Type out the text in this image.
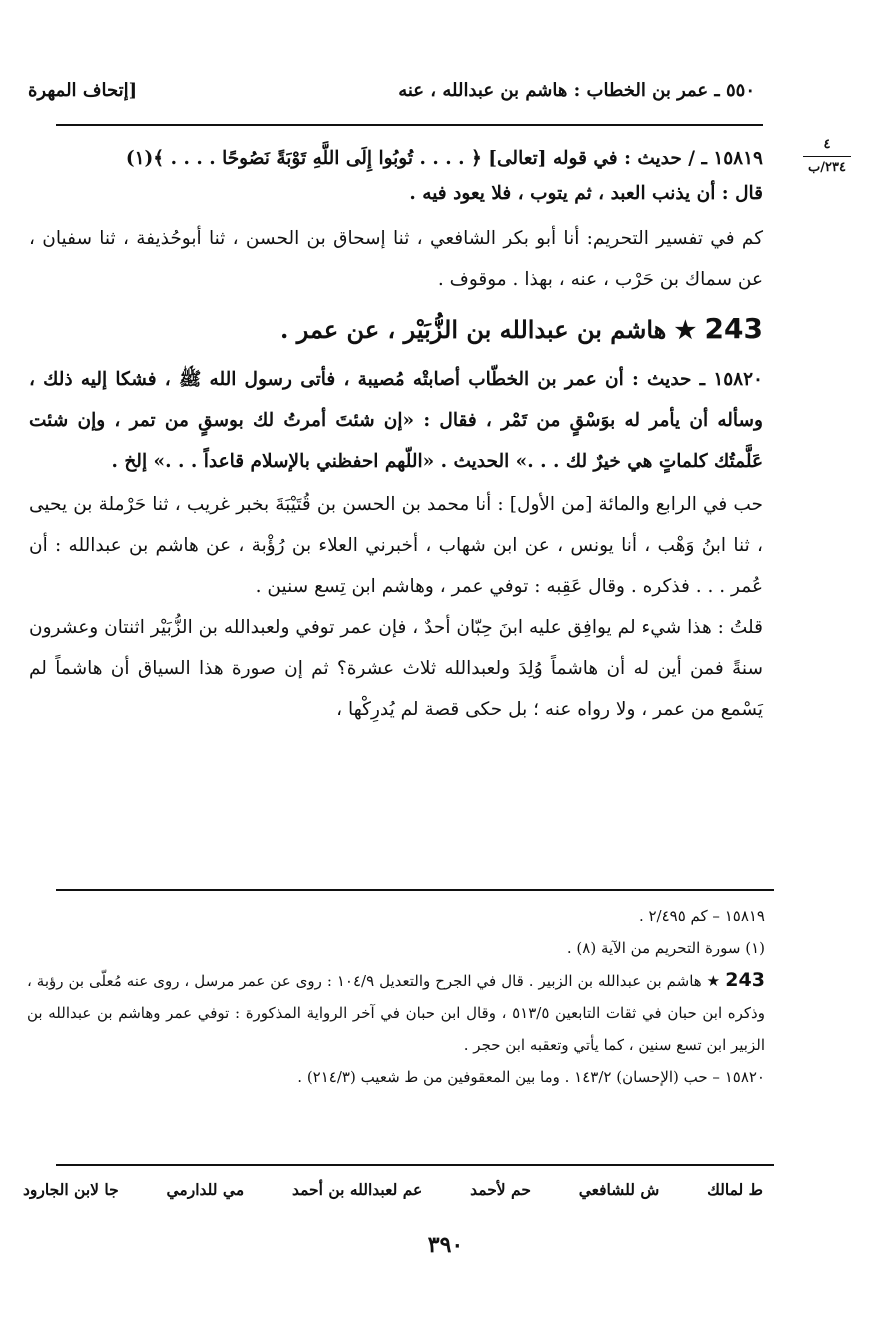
٥٥٠ ـ عمر بن الخطاب : هاشم بن عبدالله ، عنه
[إتحاف المهرة
٤
٢٣٤/ب

١٥٨١٩ ـ / حديث : في قوله [تعالى] ﴿ . . . . تُوبُوا إِلَى اللَّهِ تَوْبَةً نَصُوحًا . . . . ﴾(١)

قال : أن يذنب العبد ، ثم يتوب ، فلا يعود فيه .

كم في تفسير التحريم: أنا أبو بكر الشافعي ، ثنا إسحاق بن الحسن ، ثنا أبوحُذيفة ، ثنا سفيان ، عن سماك بن حَرْب ، عنه ، بهذا . موقوف .

243 ★ هاشم بن عبدالله بن الزُّبَيْر ، عن عمر .

١٥٨٢٠ ـ حديث : أن عمر بن الخطّاب أصابتْه مُصيبة ، فأتى رسول الله ﷺ ، فشكا إليه ذلك ، وسأله أن يأمر له بوَسْقٍ من تَمْر ، فقال : «إن شئتَ أمرتُ لك بوسقٍ من تمر ، وإن شئت عَلَّمتُك كلماتٍ هي خيرٌ لك . . .» الحديث . «اللّهم احفظني بالإسلام قاعداً . . .» إلخ .

حب في الرابع والمائة [من الأول] : أنا محمد بن الحسن بن قُتَيْبَةَ بخبر غريب ، ثنا حَرْملة بن يحيى ، ثنا ابنُ وَهْب ، أنا يونس ، عن ابن شهاب ، أخبرني العلاء بن رُؤْبة ، عن هاشم بن عبدالله : أن عُمر . . . فذكره . وقال عَقِبه : توفي عمر ، وهاشم ابن تِسع سنين .

قلتُ : هذا شيء لم يوافِق عليه ابنَ حِبّان أحدٌ ، فإن عمر توفي ولعبدالله بن الزُّبَيْر اثنتان وعشرون سنةً فمن أين له أن هاشماً وُلِدَ ولعبدالله ثلاث عشرة؟ ثم إن صورة هذا السياق أن هاشماً لم يَسْمع من عمر ، ولا رواه عنه ؛ بل حكى قصة لم يُدرِكْها ،

١٥٨١٩ – كم ٢/٤٩٥ .

(١) سورة التحريم من الآية (٨) .

243 ★ هاشم بن عبدالله بن الزبير . قال في الجرح والتعديل ١٠٤/٩ : روى عن عمر مرسل ، روى عنه مُعلّى بن رؤبة ، وذكره ابن حبان في ثقات التابعين ٥١٣/٥ ، وقال ابن حبان في آخر الرواية المذكورة : توفي عمر وهاشم بن عبدالله بن الزبير ابن تسع سنين ، كما يأتي وتعقبه ابن حجر .

١٥٨٢٠ – حب (الإحسان) ١٤٣/٢ . وما بين المعقوفين من ط شعيب (٢١٤/٣) .

ط لمالك
ش للشافعي
حم لأحمد
عم لعبدالله بن أحمد
مي للدارمي
جا لابن الجارود
٣٩٠
